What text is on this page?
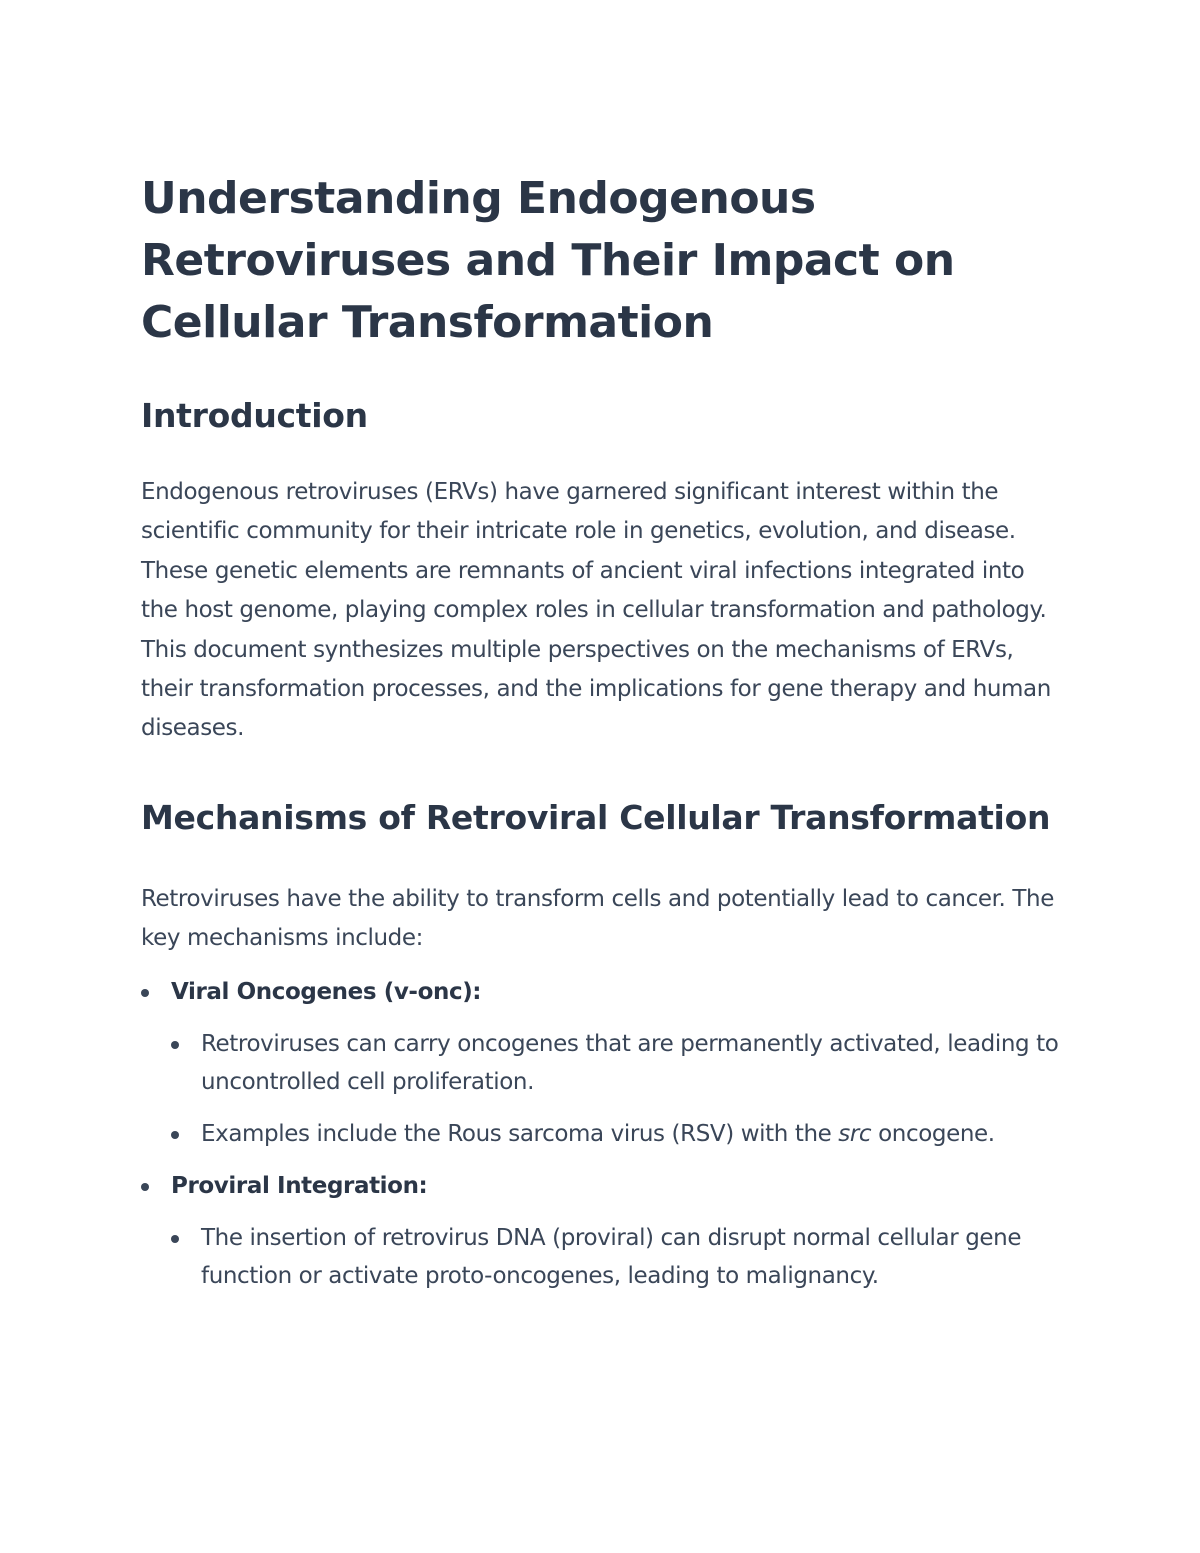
Understanding Endogenous Retroviruses and Their Impact on Cellular Transformation
Introduction

Endogenous retroviruses (ERVs) have garnered significant interest within the scientific community for their intricate role in genetics, evolution, and disease. These genetic elements are remnants of ancient viral infections integrated into the host genome, playing complex roles in cellular transformation and pathology. This document synthesizes multiple perspectives on the mechanisms of ERVs, their transformation processes, and the implications for gene therapy and human diseases.

Mechanisms of Retroviral Cellular Transformation

Retroviruses have the ability to transform cells and potentially lead to cancer. The key mechanisms include:

Viral Oncogenes (v-onc):
Retroviruses can carry oncogenes that are permanently activated, leading to uncontrolled cell proliferation.
Examples include the Rous sarcoma virus (RSV) with the src oncogene.
Proviral Integration:
The insertion of retrovirus DNA (proviral) can disrupt normal cellular gene function or activate proto-oncogenes, leading to malignancy.
